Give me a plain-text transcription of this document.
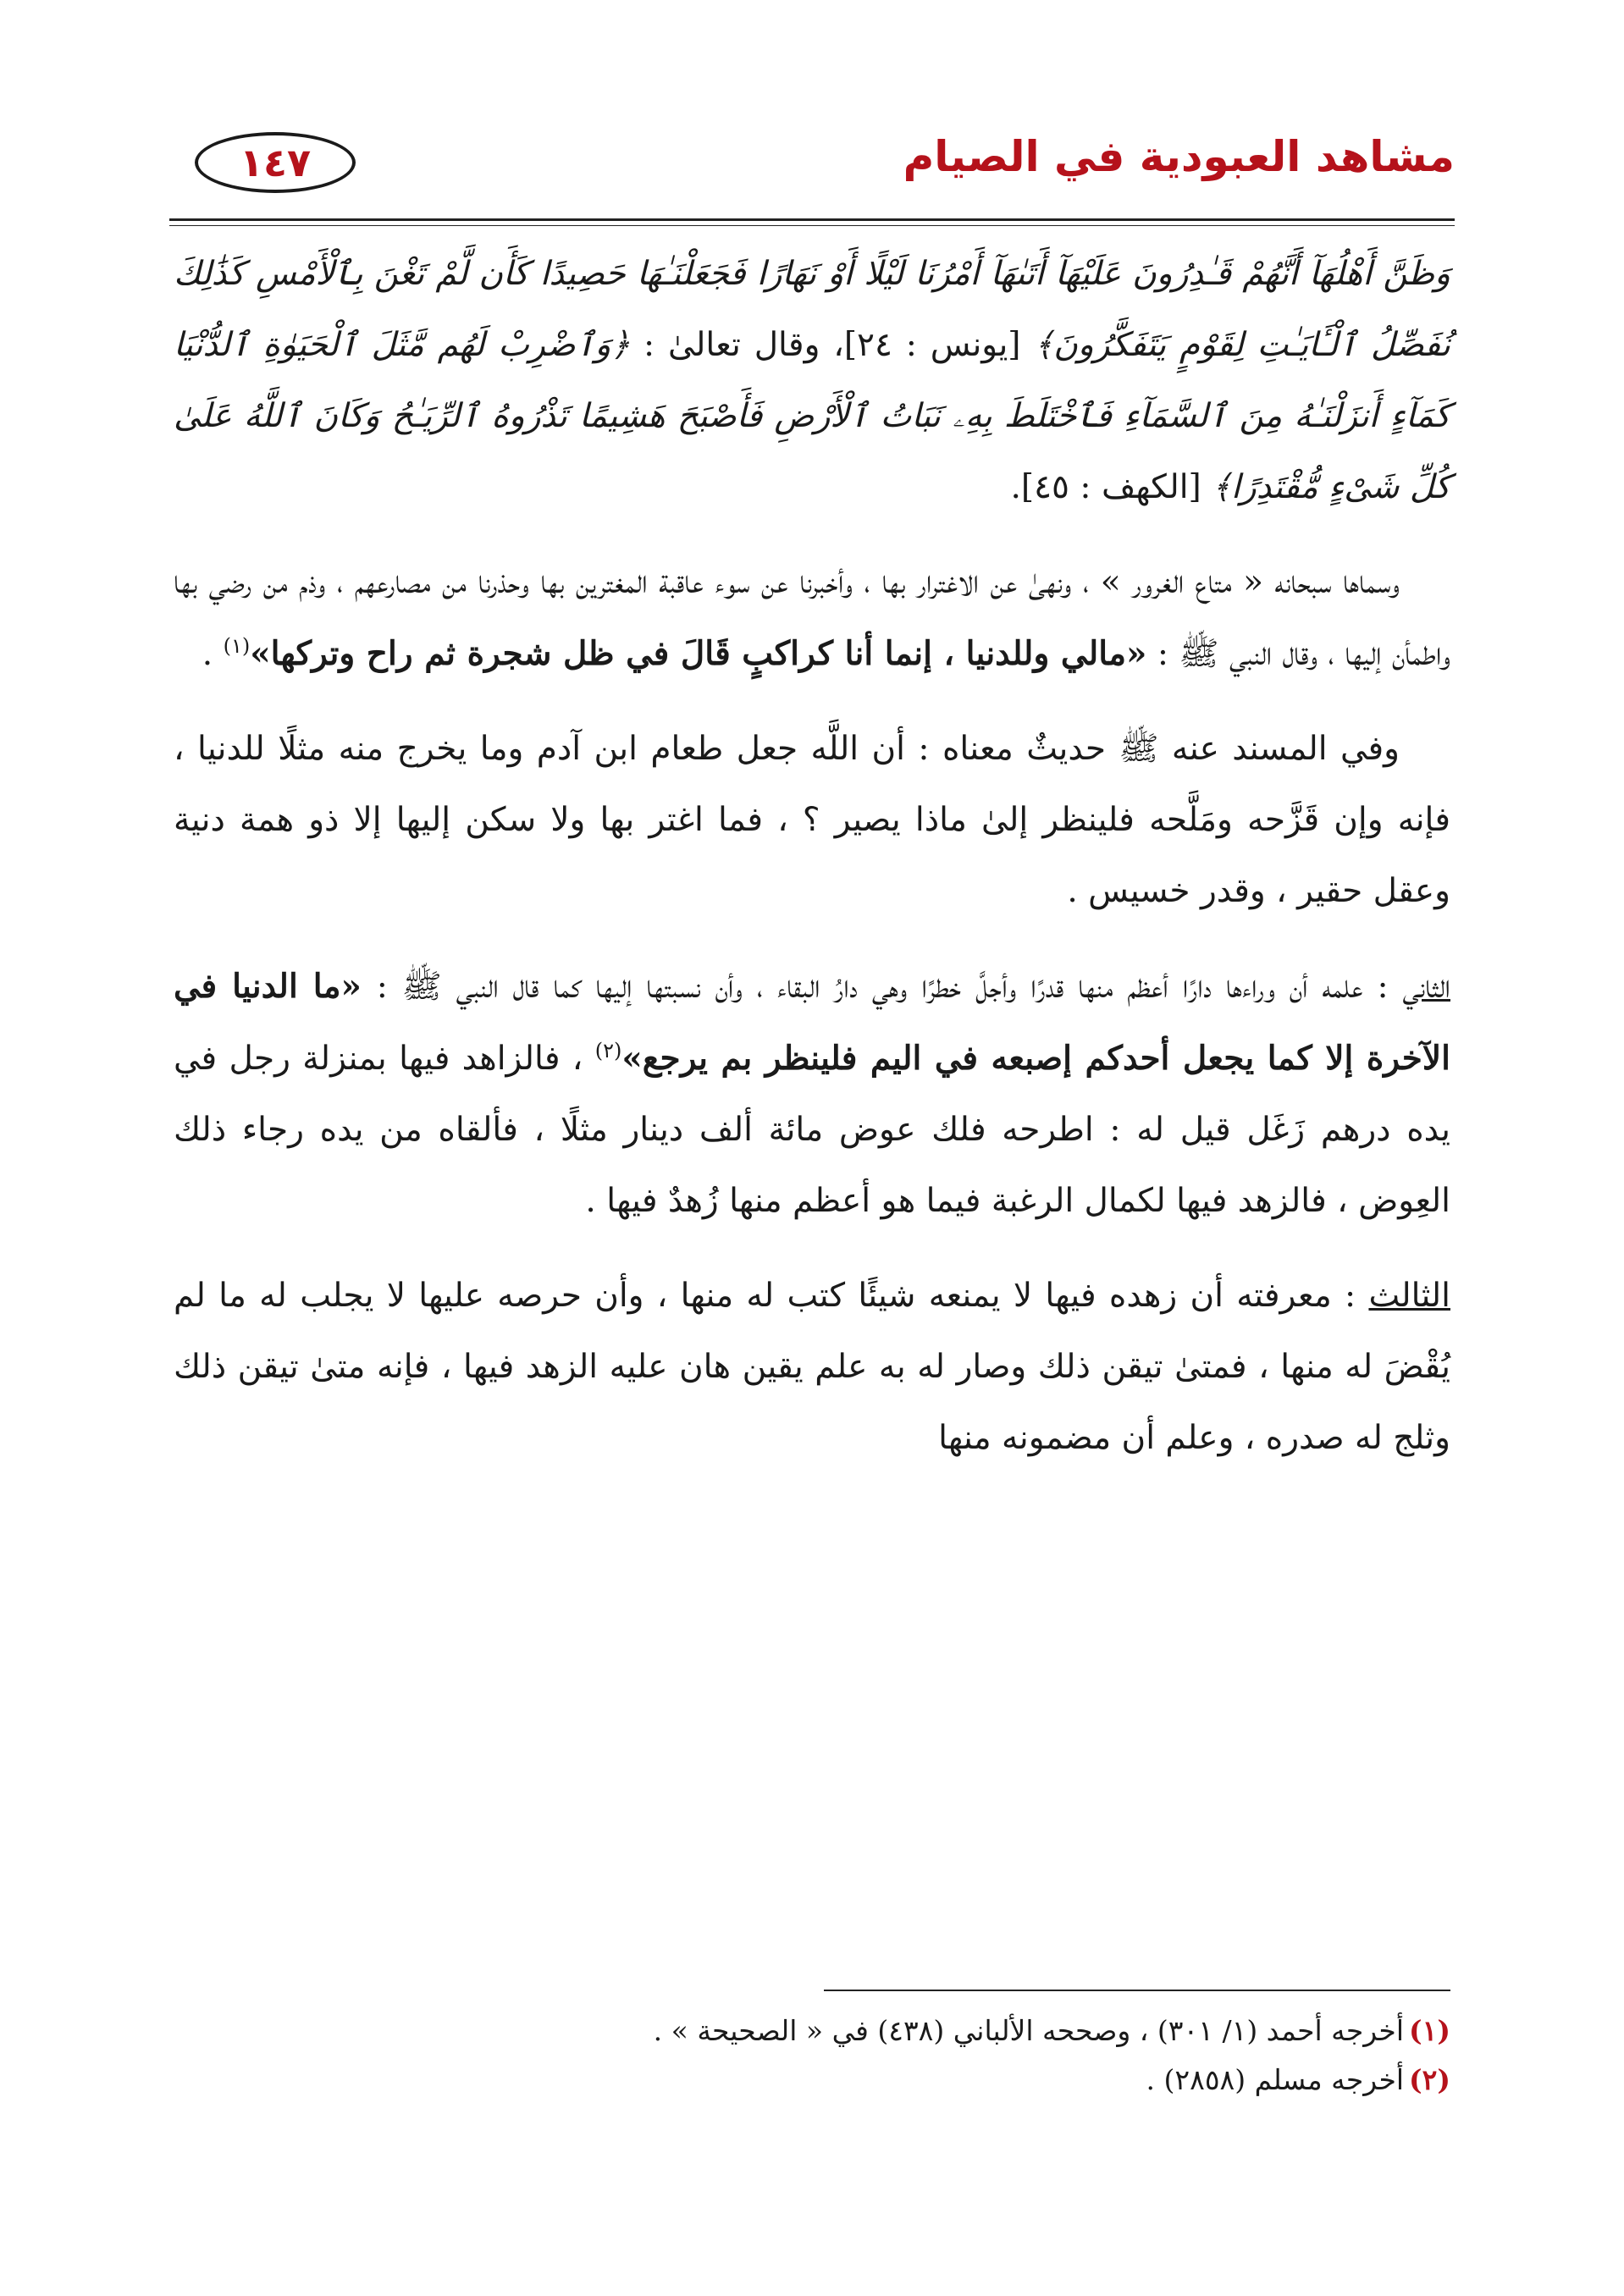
مشاهد العبودية في الصيام
١٤٧

وَظَنَّ أَهْلُهَآ أَنَّهُمْ قَـٰدِرُونَ عَلَيْهَآ أَتَىٰهَآ أَمْرُنَا لَيْلًا أَوْ نَهَارًا فَجَعَلْنَـٰهَا حَصِيدًا كَأَن لَّمْ تَغْنَ بِٱلْأَمْسِ كَذَٰلِكَ نُفَصِّلُ ٱلْـَٔايَـٰتِ لِقَوْمٍ يَتَفَكَّرُونَ﴾ [يونس : ٢٤]، وقال تعالىٰ : ﴿وَٱضْرِبْ لَهُم مَّثَلَ ٱلْحَيَوٰةِ ٱلدُّنْيَا كَمَآءٍ أَنزَلْنَـٰهُ مِنَ ٱلسَّمَآءِ فَٱخْتَلَطَ بِهِۦ نَبَاتُ ٱلْأَرْضِ فَأَصْبَحَ هَشِيمًا تَذْرُوهُ ٱلرِّيَـٰحُ وَكَانَ ٱللَّهُ عَلَىٰ كُلِّ شَىْءٍ مُّقْتَدِرًا﴾ [الكهف : ٤٥].

وسماها سبحانه « متاع الغرور » ، ونهىٰ عن الاغترار بها ، وأخبرنا عن سوء عاقبة المغترين بها وحذرنا من مصارعهم ، وذم من رضي بها واطمأن إليها ، وقال النبي ﷺ : «مالي وللدنيا ، إنما أنا كراكبٍ قَالَ في ظل شجرة ثم راح وتركها»$^{(١)}$ .

وفي المسند عنه ﷺ حديثٌ معناه : أن اللَّه جعل طعام ابن آدم وما يخرج منه مثلًا للدنيا ، فإنه وإن قَزَّحه ومَلَّحه فلينظر إلىٰ ماذا يصير ؟ ، فما اغتر بها ولا سكن إليها إلا ذو همة دنية وعقل حقير ، وقدر خسيس .

الثاني : علمه أن وراءها دارًا أعظم منها قدرًا وأجلَّ خطرًا وهي دارُ البقاء ، وأن نسبتها إليها كما قال النبي ﷺ : «ما الدنيا في الآخرة إلا كما يجعل أحدكم إصبعه في اليم فلينظر بم يرجع»$^{(٢)}$ ، فالزاهد فيها بمنزلة رجل في يده درهم زَغَل قيل له : اطرحه فلك عوض مائة ألف دينار مثلًا ، فألقاه من يده رجاء ذلك العِوض ، فالزهد فيها لكمال الرغبة فيما هو أعظم منها زُهدٌ فيها .

الثالث : معرفته أن زهده فيها لا يمنعه شيئًا كتب له منها ، وأن حرصه عليها لا يجلب له ما لم يُقْضَ له منها ، فمتىٰ تيقن ذلك وصار له به علم يقين هان عليه الزهد فيها ، فإنه متىٰ تيقن ذلك وثلج له صدره ، وعلم أن مضمونه منها

(١)أخرجه أحمد (١/ ٣٠١) ، وصححه الألباني (٤٣٨) في « الصحيحة » .

(٢)أخرجه مسلم (٢٨٥٨) .
